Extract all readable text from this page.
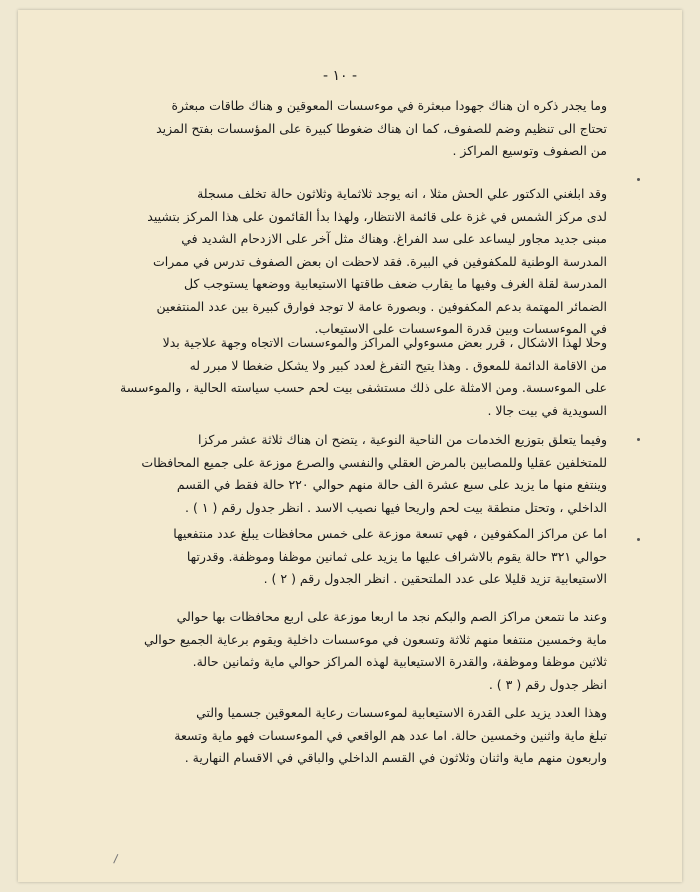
- ١٠ -
وما يجدر ذكره ان هناك جهودا مبعثرة في موءسسات المعوقين و هناك طاقات مبعثرة
تحتاج الى تنظيم وضم للصفوف، كما ان هناك ضغوطا كبيرة على المؤسسات بفتح المزيد
من الصفوف وتوسيع المراكز .
وقد ابلغني الدكتور علي الحش مثلا ، انه يوجد ثلاثماية وثلاثون حالة تخلف مسجلة
لدى مركز الشمس في غزة على قائمة الانتظار، ولهذا بدأ القائمون على هذا المركز بتشييد
مبنى جديد مجاور ليساعد على سد الفراغ. وهناك مثل آخر على الازدحام الشديد في
المدرسة الوطنية للمكفوفين في البيرة. فقد لاحظت ان بعض الصفوف تدرس في ممرات
المدرسة لقلة الغرف وفيها ما يقارب ضعف طاقتها الاستيعابية ووضعها يستوجب كل
الضمائر المهتمة بدعم المكفوفين . وبصورة عامة لا توجد فوارق كبيرة بين عدد المنتفعين
في الموءسسات وبين قدرة الموءسسات على الاستيعاب.
وحلا لهذا الاشكال ، قرر بعض مسوءولي المراكز والموءسسات الاتجاه وجهة علاجية بدلا
من الاقامة الدائمة للمعوق . وهذا يتيح التفرغ لعدد كبير ولا يشكل ضغطا لا مبرر له
على الموءسسة. ومن الامثلة على ذلك مستشفى بيت لحم حسب سياسته الحالية ، والموءسسة
السويدية في بيت جالا .
وفيما يتعلق بتوزيع الخدمات من الناحية النوعية ، يتضح ان هناك ثلاثة عشر مركزا
للمتخلفين عقليا وللمصابين بالمرض العقلي والنفسي والصرع موزعة على جميع المحافظات
وينتفع منها ما يزيد على سبع عشرة الف حالة منهم حوالي ٢٢٠ حالة فقط في القسم
الداخلي ، وتحتل منطقة بيت لحم واريحا فيها نصيب الاسد . انظر جدول رقم ( ١ ) .
اما عن مراكز المكفوفين ، فهي تسعة موزعة على خمس محافظات يبلغ عدد منتفعيها
حوالي ٣٢١ حالة يقوم بالاشراف عليها ما يزيد على ثمانين موظفا وموظفة. وقدرتها
الاستيعابية تزيد قليلا على عدد الملتحقين . انظر الجدول رقم ( ٢ ) .
وعند ما نتمعن مراكز الصم والبكم نجد ما اربعا موزعة على اربع محافظات بها حوالي
ماية وخمسين منتفعا منهم ثلاثة وتسعون في موءسسات داخلية ويقوم برعاية الجميع حوالي
ثلاثين موظفا وموظفة، والقدرة الاستيعابية لهذه المراكز حوالي ماية وثمانين حالة.
انظر جدول رقم ( ٣ ) .
وهذا العدد يزيد على القدرة الاستيعابية لموءسسات رعاية المعوقين جسميا والتي
تبلغ ماية واثنين وخمسين حالة. اما عدد هم الواقعي في الموءسسات فهو ماية وتسعة
واربعون منهم ماية واثنان وثلاثون في القسم الداخلي والباقي في الاقسام النهارية .
